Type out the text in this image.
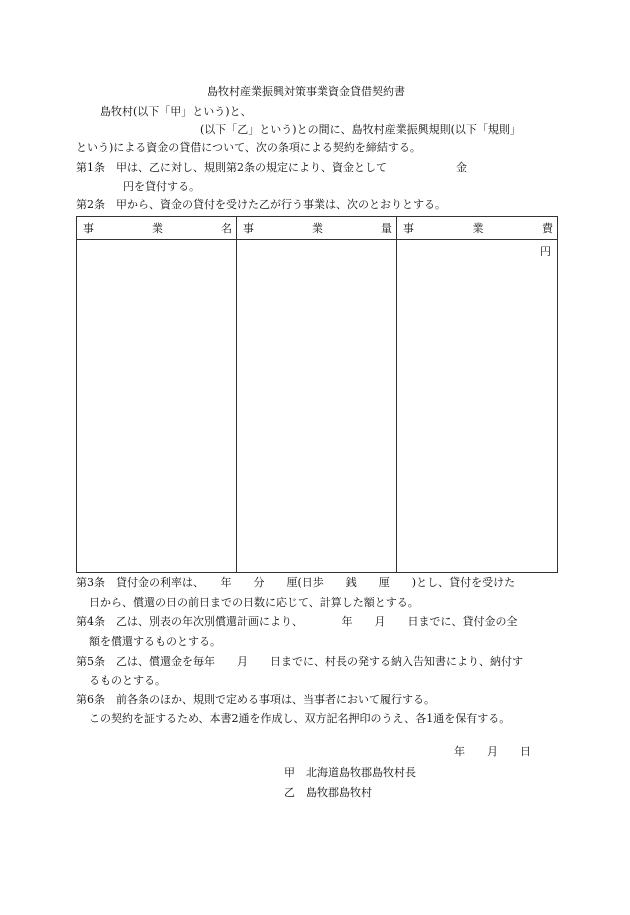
島牧村産業振興対策事業資金貸借契約書
島牧村(以下「甲」という)と、
(以下「乙」という)との間に、島牧村産業振興規則(以下「規則」
という)による資金の貸借について、次の条項による契約を締結する。
第1条　甲は、乙に対し、規則第2条の規定により、資金として	金
円を貸付する。
第2条　甲から、資金の貸付を受けた乙が行う事業は、次のとおりとする。
事 業 名	事 業 量	事 業 費

		円
第3条　貸付金の利率は、　　年　　分　　厘(日歩　　銭　　厘　　)とし、貸付を受けた
日から、償還の日の前日までの日数に応じて、計算した額とする。
第4条　乙は、別表の年次別償還計画により、　　　　年　　月　　日までに、貸付金の全
額を償還するものとする。
第5条　乙は、償還金を毎年　　月　　日までに、村長の発する納入告知書により、納付す
るものとする。
第6条　前各条のほか、規則で定める事項は、当事者において履行する。
この契約を証するため、本書2通を作成し、双方記名押印のうえ、各1通を保有する。
年　　月　　日
甲　北海道島牧郡島牧村長
乙　島牧郡島牧村
